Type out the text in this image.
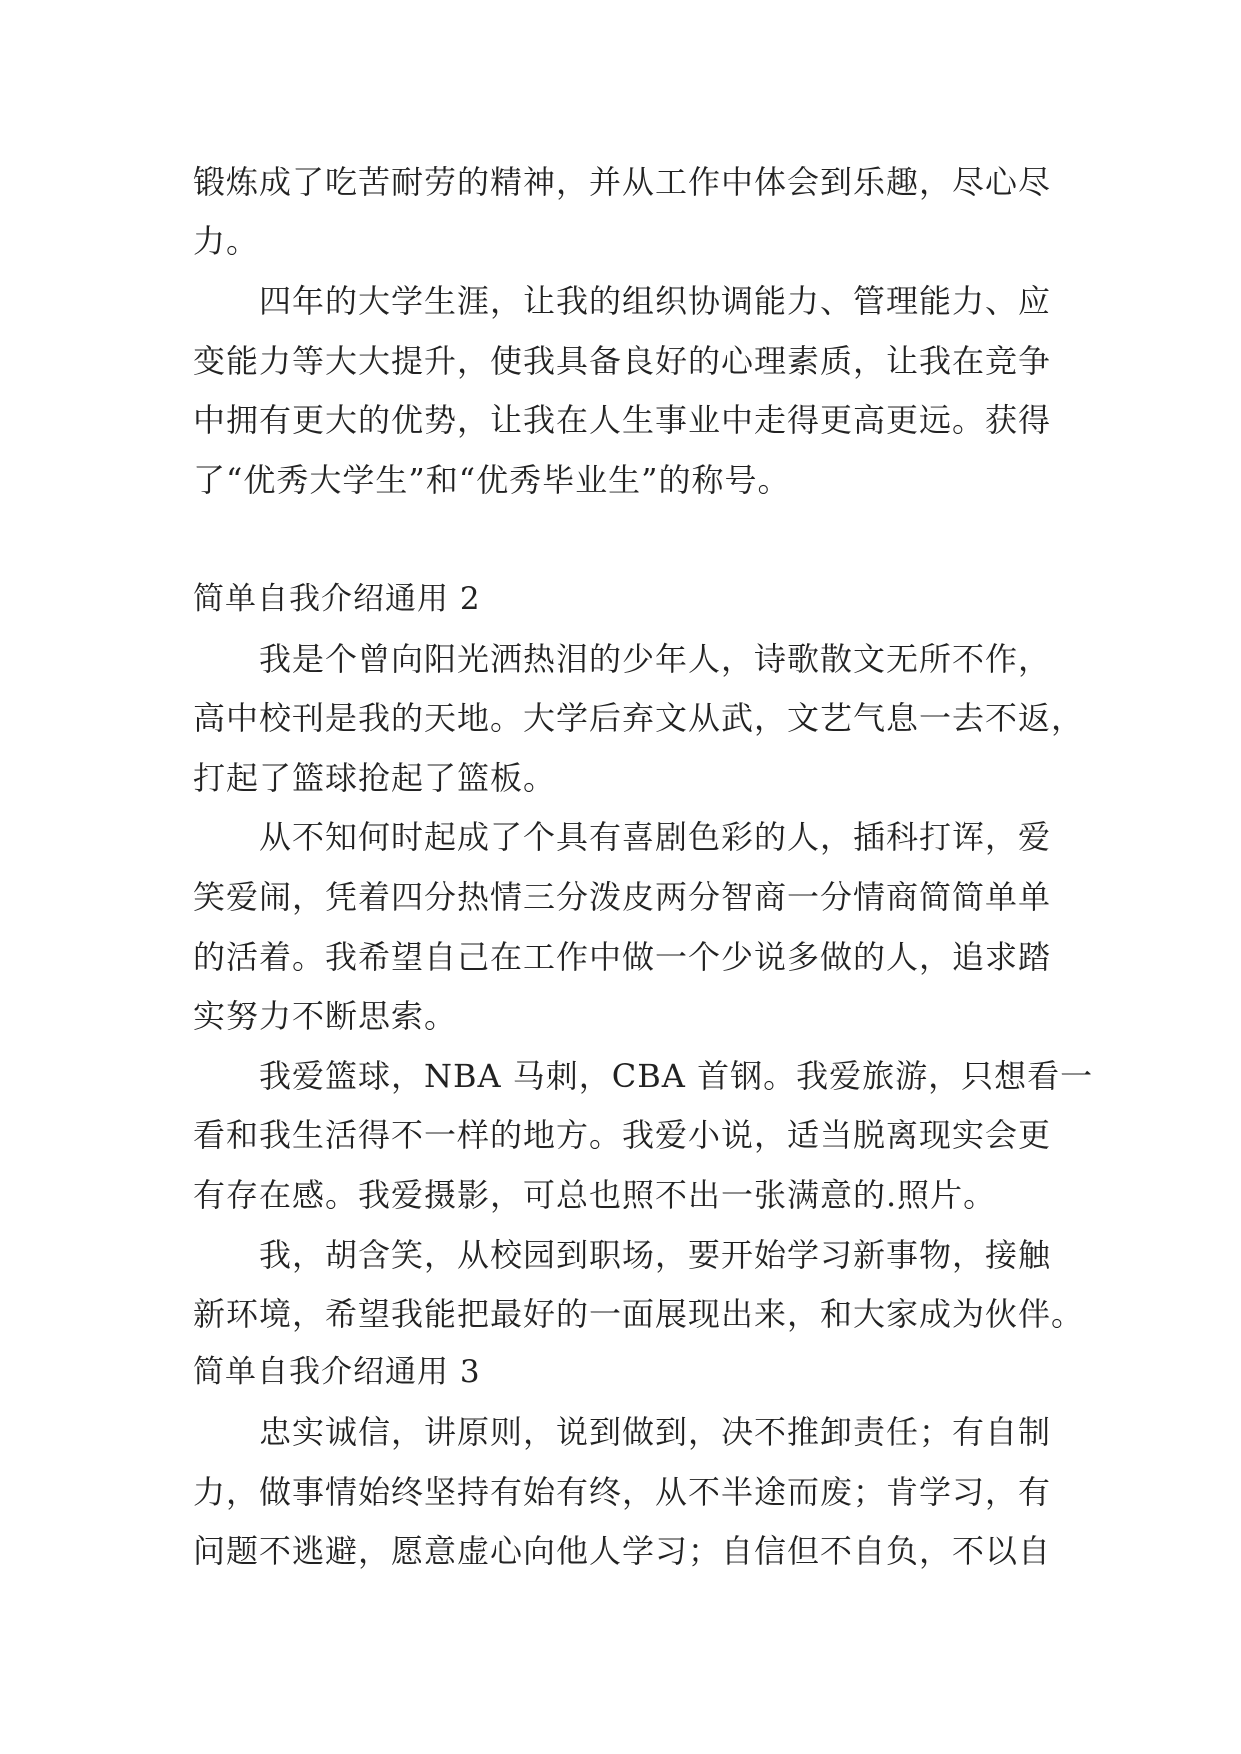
锻炼成了吃苦耐劳的精神，并从工作中体会到乐趣，尽心尽
力。
四年的大学生涯，让我的组织协调能力、管理能力、应
变能力等大大提升，使我具备良好的心理素质，让我在竞争
中拥有更大的优势，让我在人生事业中走得更高更远。获得
了“优秀大学生”和“优秀毕业生”的称号。
简单自我介绍通用 2
我是个曾向阳光洒热泪的少年人，诗歌散文无所不作，
高中校刊是我的天地。大学后弃文从武，文艺气息一去不返，
打起了篮球抢起了篮板。
从不知何时起成了个具有喜剧色彩的人，插科打诨，爱
笑爱闹，凭着四分热情三分泼皮两分智商一分情商简简单单
的活着。我希望自己在工作中做一个少说多做的人，追求踏
实努力不断思索。
我爱篮球，NBA 马刺，CBA 首钢。我爱旅游，只想看一
看和我生活得不一样的地方。我爱小说，适当脱离现实会更
有存在感。我爱摄影，可总也照不出一张满意的.照片。
我，胡含笑，从校园到职场，要开始学习新事物，接触
新环境，希望我能把最好的一面展现出来，和大家成为伙伴。
简单自我介绍通用 3
忠实诚信，讲原则，说到做到，决不推卸责任；有自制
力，做事情始终坚持有始有终，从不半途而废；肯学习，有
问题不逃避，愿意虚心向他人学习；自信但不自负，不以自
